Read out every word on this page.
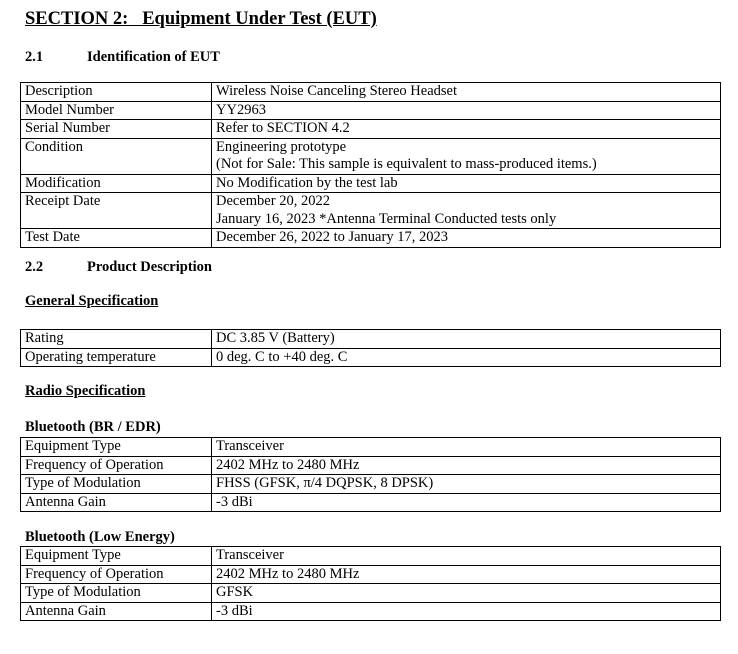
SECTION 2:   Equipment Under Test (EUT)
2.1	Identification of EUT
Description	Wireless Noise Canceling Stereo Headset

Model Number	YY2963

Serial Number	Refer to SECTION 4.2

Condition	Engineering prototype
(Not for Sale: This sample is equivalent to mass-produced items.)

Modification	No Modification by the test lab

Receipt Date	December 20, 2022
January 16, 2023 *Antenna Terminal Conducted tests only

Test Date	December 26, 2022 to January 17, 2023
2.2	Product Description
General Specification
Rating	DC 3.85 V (Battery)
Operating temperature	0 deg. C to +40 deg. C
Radio Specification
Bluetooth (BR / EDR)
Equipment Type	Transceiver
Frequency of Operation	2402 MHz to 2480 MHz
Type of Modulation	FHSS (GFSK, π/4 DQPSK, 8 DPSK)
Antenna Gain	-3 dBi
Bluetooth (Low Energy)
Equipment Type	Transceiver
Frequency of Operation	2402 MHz to 2480 MHz
Type of Modulation	GFSK
Antenna Gain	-3 dBi
